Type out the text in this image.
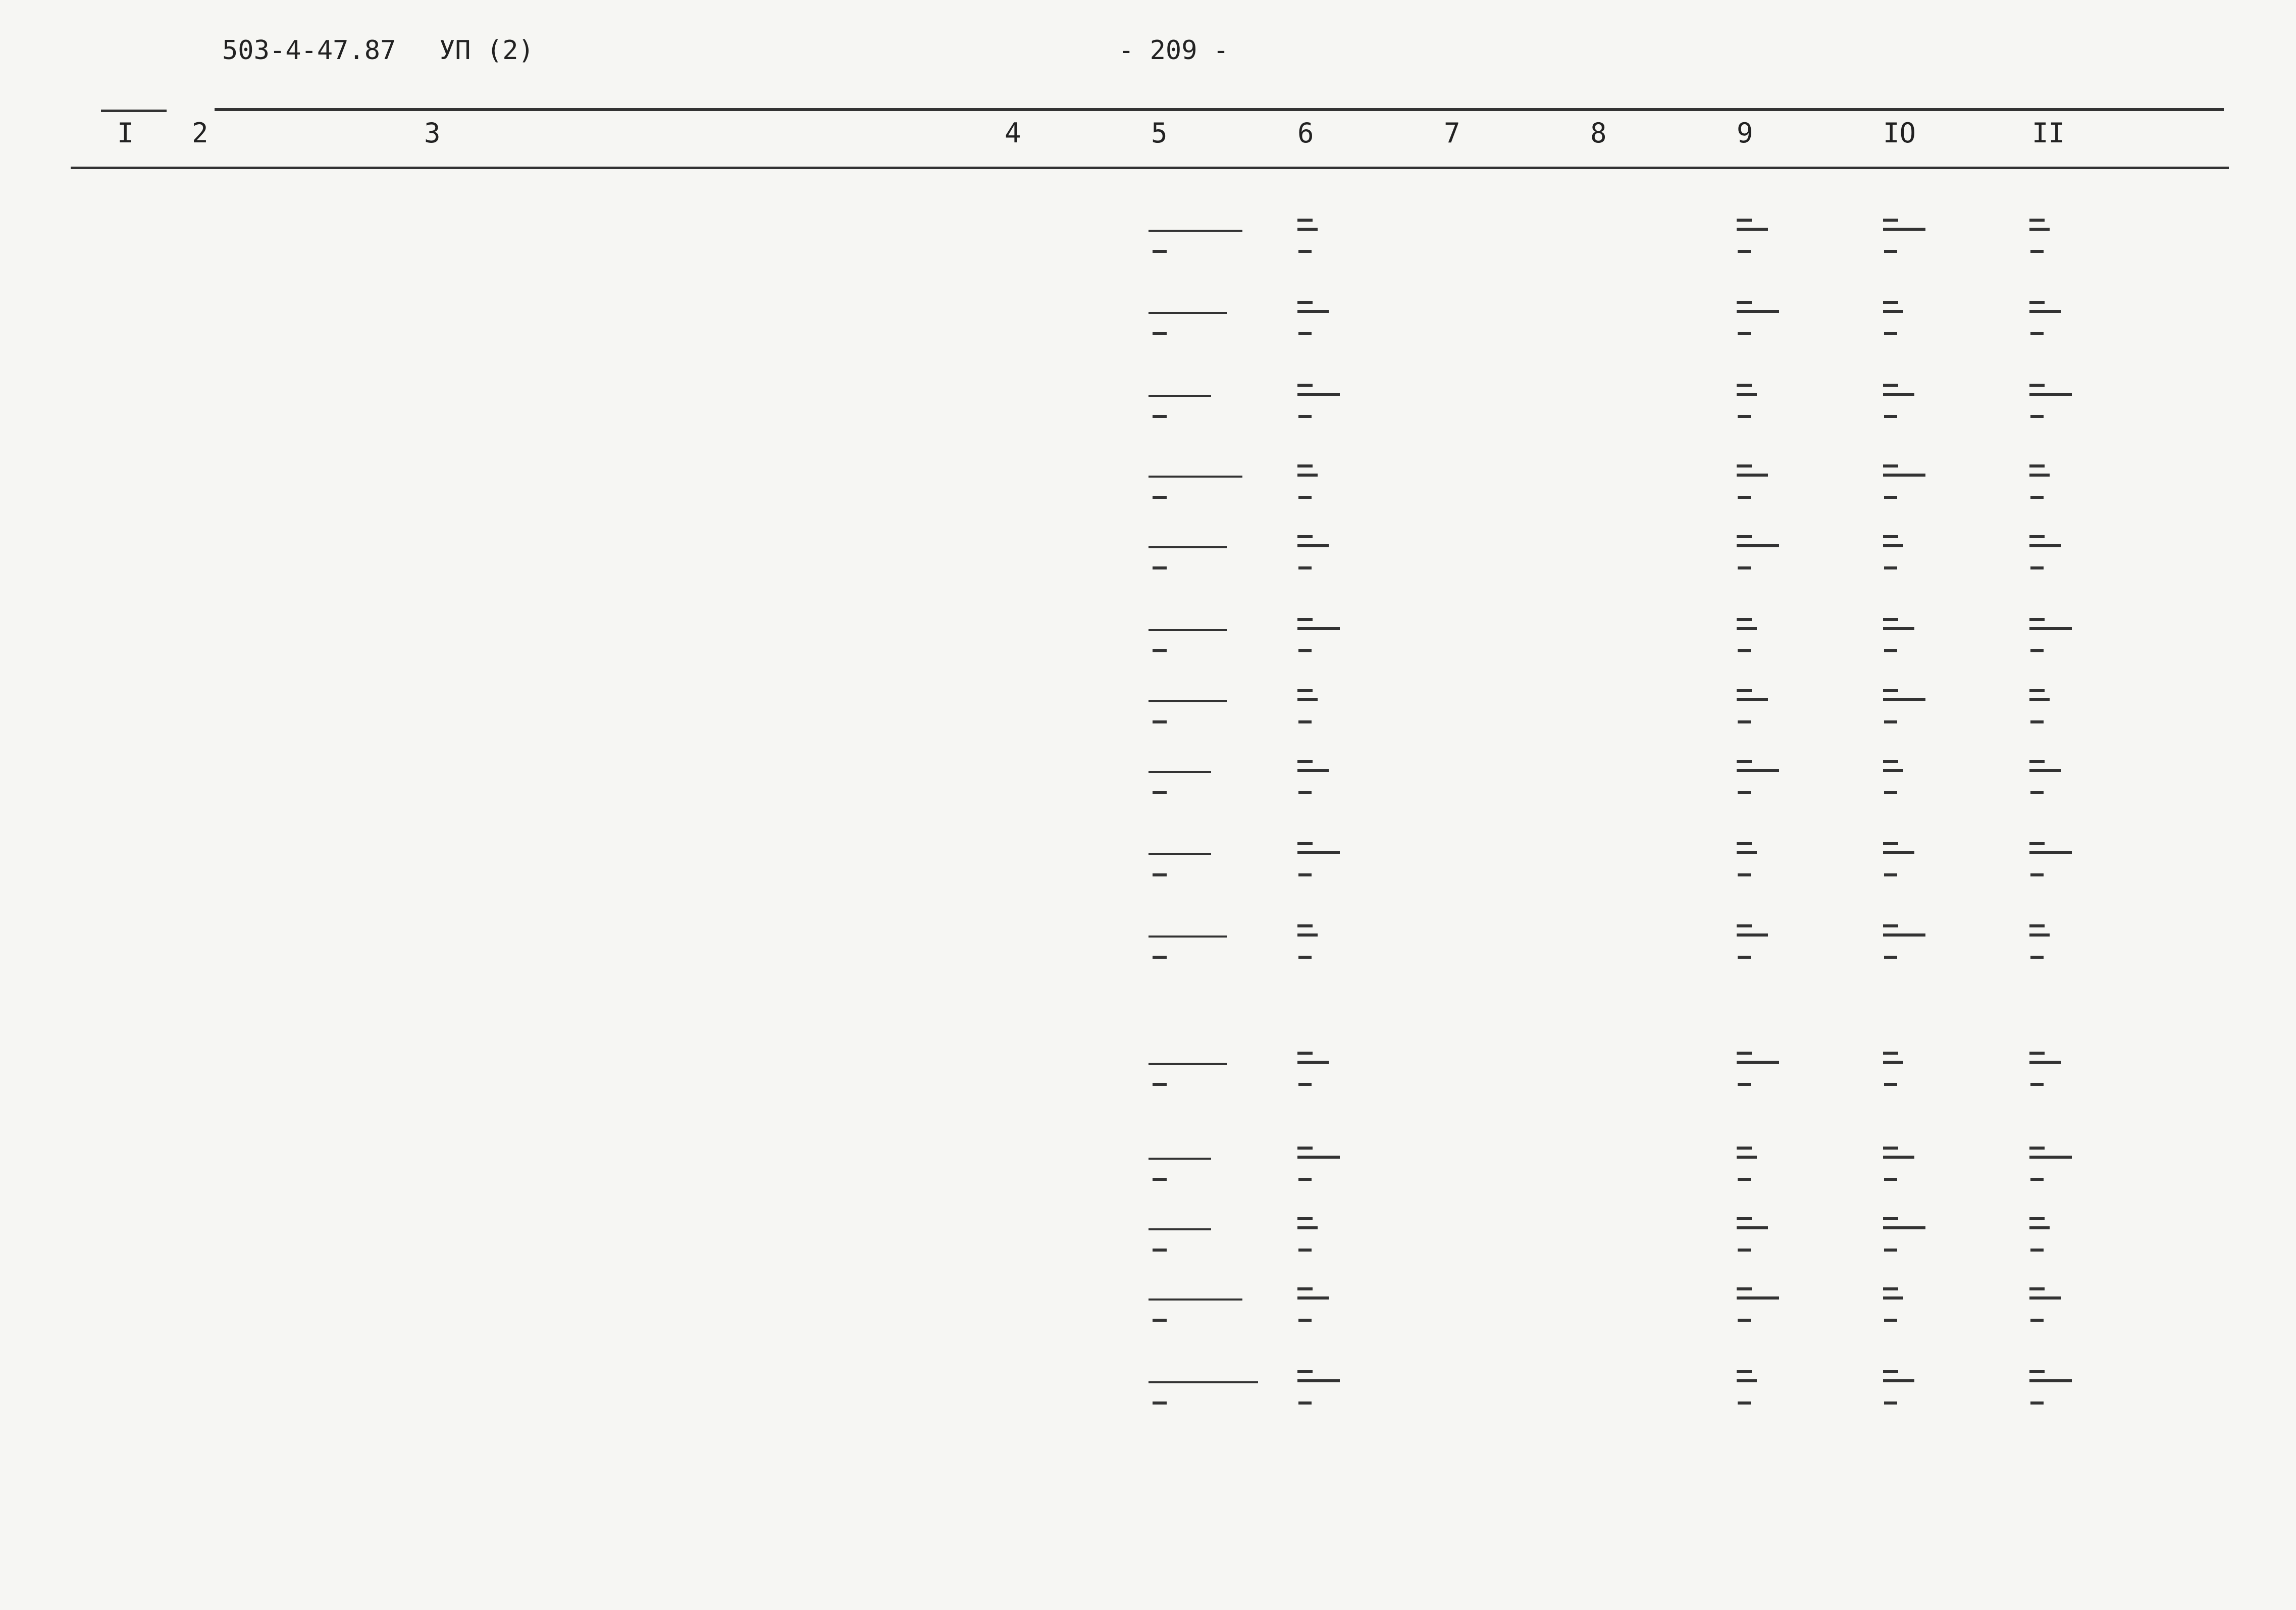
503-4-47.87 УП (2)	- 209 -
I 2	3	4	5	6	7	8	9	IO	II
